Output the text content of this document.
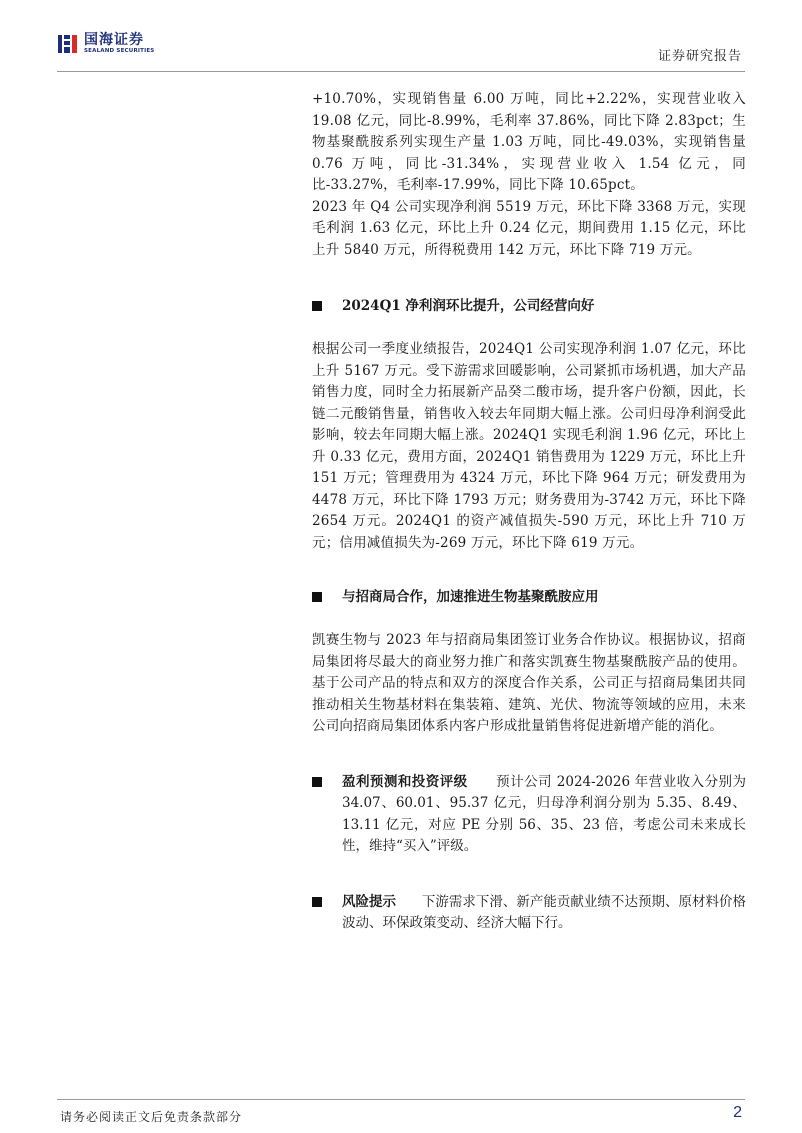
国海证券
SEALAND SECURITIES	证券研究报告

+10.70%，实现销售量 6.00 万吨，同比+2.22%，实现营业收入 19.08 亿元，同比-8.99%，毛利率 37.86%，同比下降 2.83pct；生物基聚酰胺系列实现生产量 1.03 万吨，同比-49.03%，实现销售量 0.76 万吨，同比-31.34%，实现营业收入 1.54 亿元，同比-33.27%，毛利率-17.99%，同比下降 10.65pct。

2023 年 Q4 公司实现净利润 5519 万元，环比下降 3368 万元，实现毛利润 1.63 亿元，环比上升 0.24 亿元，期间费用 1.15 亿元，环比上升 5840 万元，所得税费用 142 万元，环比下降 719 万元。

2024Q1 净利润环比提升，公司经营向好

根据公司一季度业绩报告，2024Q1 公司实现净利润 1.07 亿元，环比上升 5167 万元。受下游需求回暖影响，公司紧抓市场机遇，加大产品销售力度，同时全力拓展新产品癸二酸市场，提升客户份额，因此，长链二元酸销售量，销售收入较去年同期大幅上涨。公司归母净利润受此影响，较去年同期大幅上涨。2024Q1 实现毛利润 1.96 亿元，环比上升 0.33 亿元，费用方面，2024Q1 销售费用为 1229 万元，环比上升 151 万元；管理费用为 4324 万元，环比下降 964 万元；研发费用为 4478 万元，环比下降 1793 万元；财务费用为-3742 万元，环比下降 2654 万元。2024Q1 的资产减值损失-590 万元，环比上升 710 万元；信用减值损失为-269 万元，环比下降 619 万元。

与招商局合作，加速推进生物基聚酰胺应用

凯赛生物与 2023 年与招商局集团签订业务合作协议。根据协议，招商局集团将尽最大的商业努力推广和落实凯赛生物基聚酰胺产品的使用。基于公司产品的特点和双方的深度合作关系，公司正与招商局集团共同推动相关生物基材料在集装箱、建筑、光伏、物流等领域的应用，未来公司向招商局集团体系内客户形成批量销售将促进新增产能的消化。

盈利预测和投资评级 预计公司 2024-2026 年营业收入分别为 34.07、60.01、95.37 亿元，归母净利润分别为 5.35、8.49、13.11 亿元，对应 PE 分别 56、35、23 倍，考虑公司未来成长性，维持“买入”评级。

风险提示 下游需求下滑、新产能贡献业绩不达预期、原材料价格波动、环保政策变动、经济大幅下行。

请务必阅读正文后免责条款部分	2
